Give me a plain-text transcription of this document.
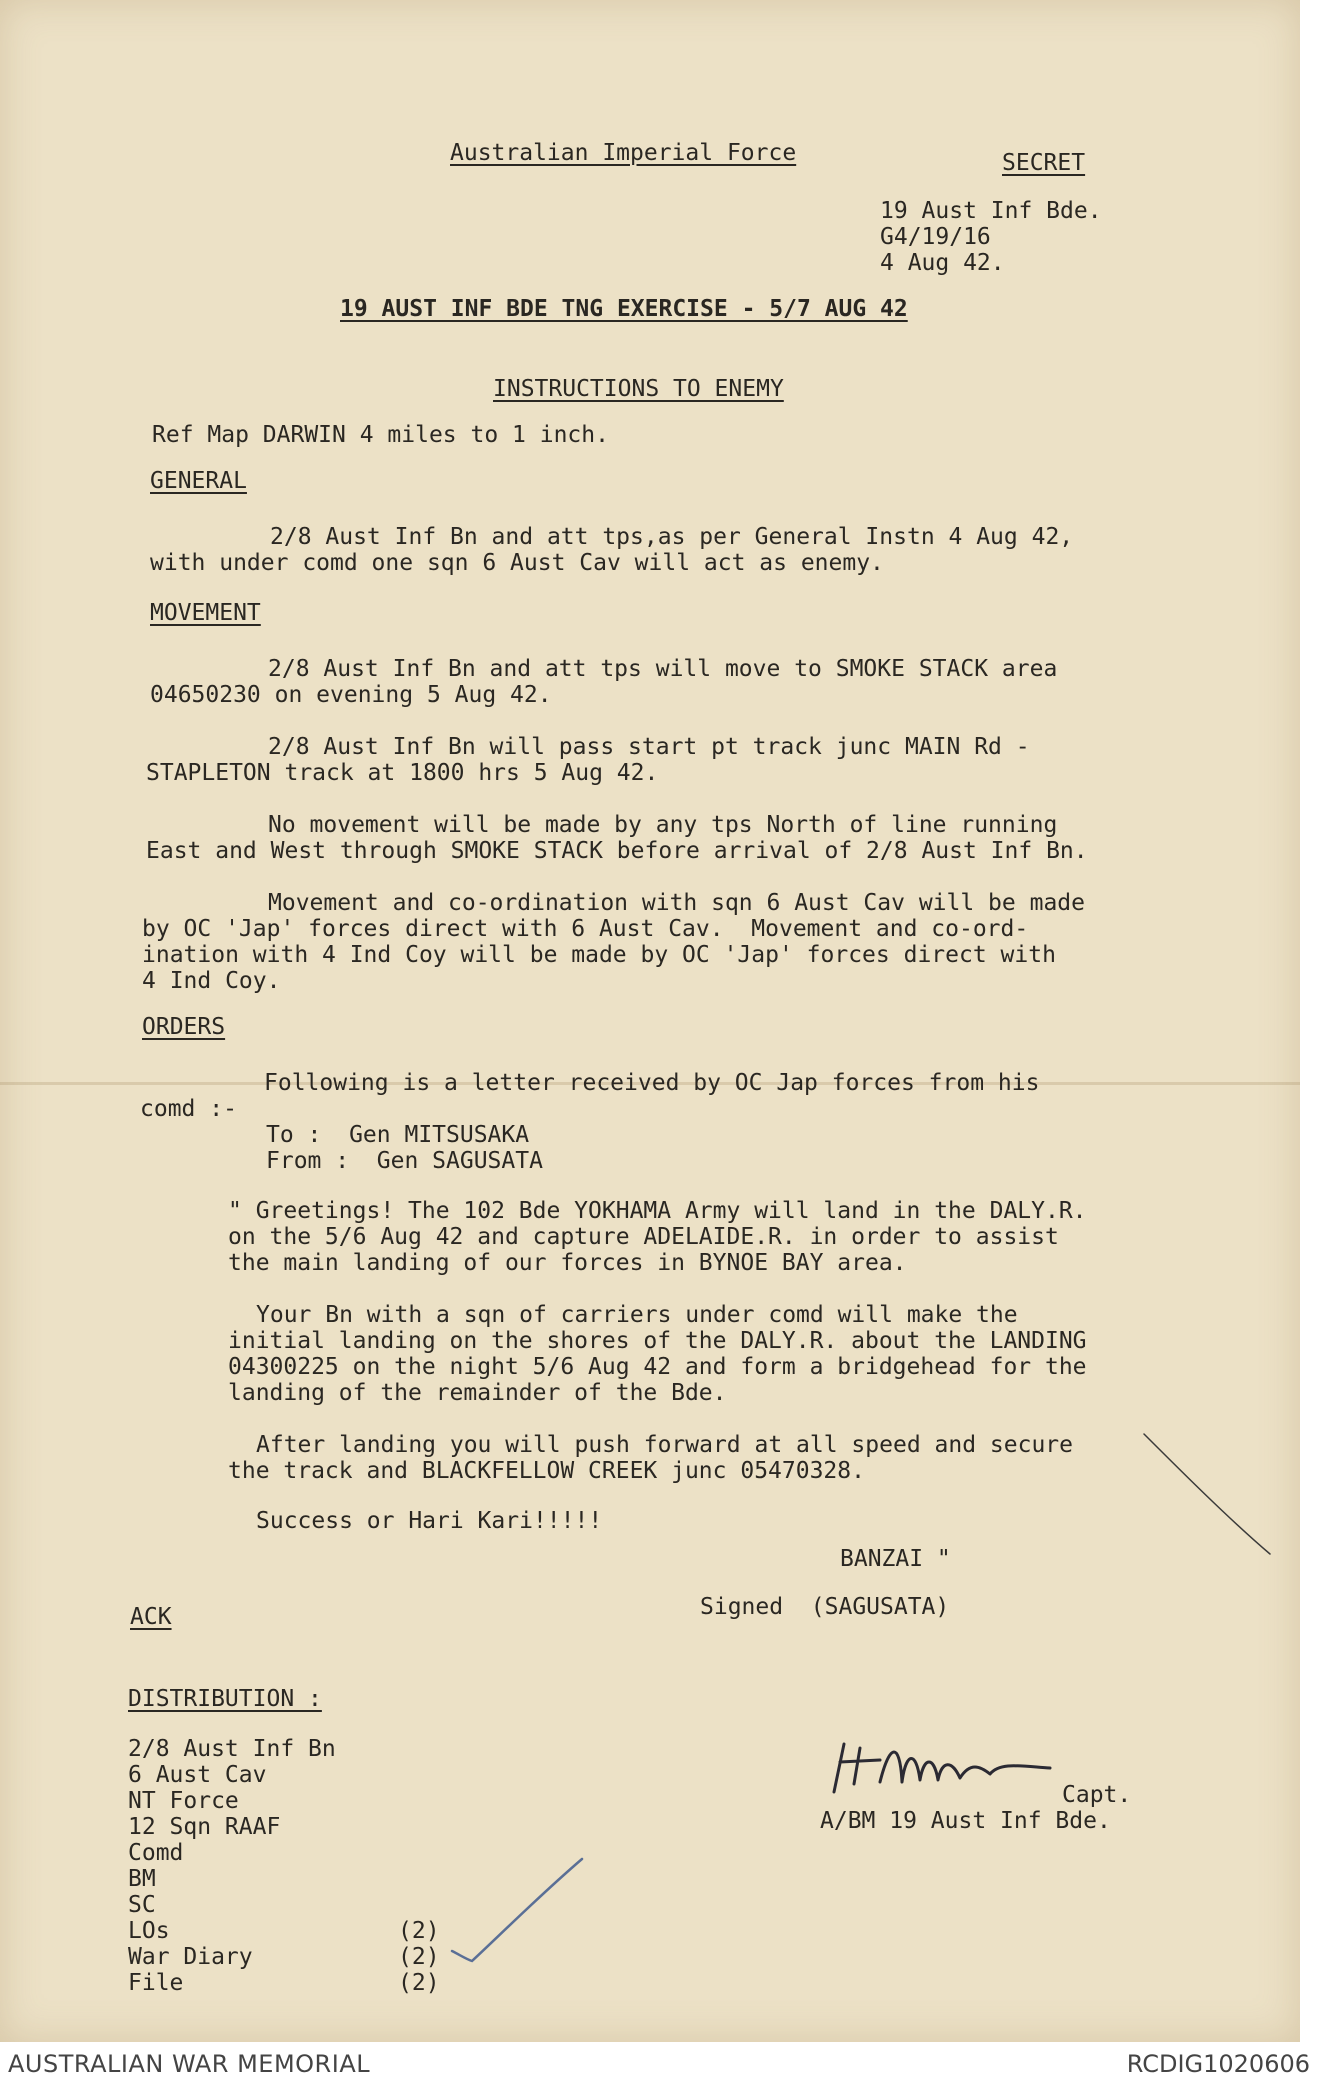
Australian Imperial Force	SECRET
19 Aust Inf Bde.
G4/19/16
4 Aug 42.
19 AUST INF BDE TNG EXERCISE - 5/7 AUG 42
INSTRUCTIONS TO ENEMY
Ref Map DARWIN 4 miles to 1 inch.
GENERAL
2/8 Aust Inf Bn and att tps,as per General Instn 4 Aug 42,
with under comd one sqn 6 Aust Cav will act as enemy.
MOVEMENT
2/8 Aust Inf Bn and att tps will move to SMOKE STACK area
04650230 on evening 5 Aug 42.
2/8 Aust Inf Bn will pass start pt track junc MAIN Rd -
STAPLETON track at 1800 hrs 5 Aug 42.
No movement will be made by any tps North of line running
East and West through SMOKE STACK before arrival of 2/8 Aust Inf Bn.
Movement and co-ordination with sqn 6 Aust Cav will be made
by OC 'Jap' forces direct with 6 Aust Cav.  Movement and co-ord-
ination with 4 Ind Coy will be made by OC 'Jap' forces direct with
4 Ind Coy.
ORDERS
Following is a letter received by OC Jap forces from his
comd :-
To :  Gen MITSUSAKA
From :  Gen SAGUSATA
" Greetings! The 102 Bde YOKHAMA Army will land in the DALY.R.
on the 5/6 Aug 42 and capture ADELAIDE.R. in order to assist
the main landing of our forces in BYNOE BAY area.
Your Bn with a sqn of carriers under comd will make the
initial landing on the shores of the DALY.R. about the LANDING
04300225 on the night 5/6 Aug 42 and form a bridgehead for the
landing of the remainder of the Bde.
After landing you will push forward at all speed and secure
the track and BLACKFELLOW CREEK junc 05470328.
Success or Hari Kari!!!!!
BANZAI "
Signed  (SAGUSATA)
ACK
DISTRIBUTION :
2/8 Aust Inf Bn
6 Aust Cav
NT Force
12 Sqn RAAF
Comd
BM
SC
LOs	(2)
War Diary	(2)
File	(2)
Capt.
A/BM 19 Aust Inf Bde.
AUSTRALIAN WAR MEMORIAL	RCDIG1020606
